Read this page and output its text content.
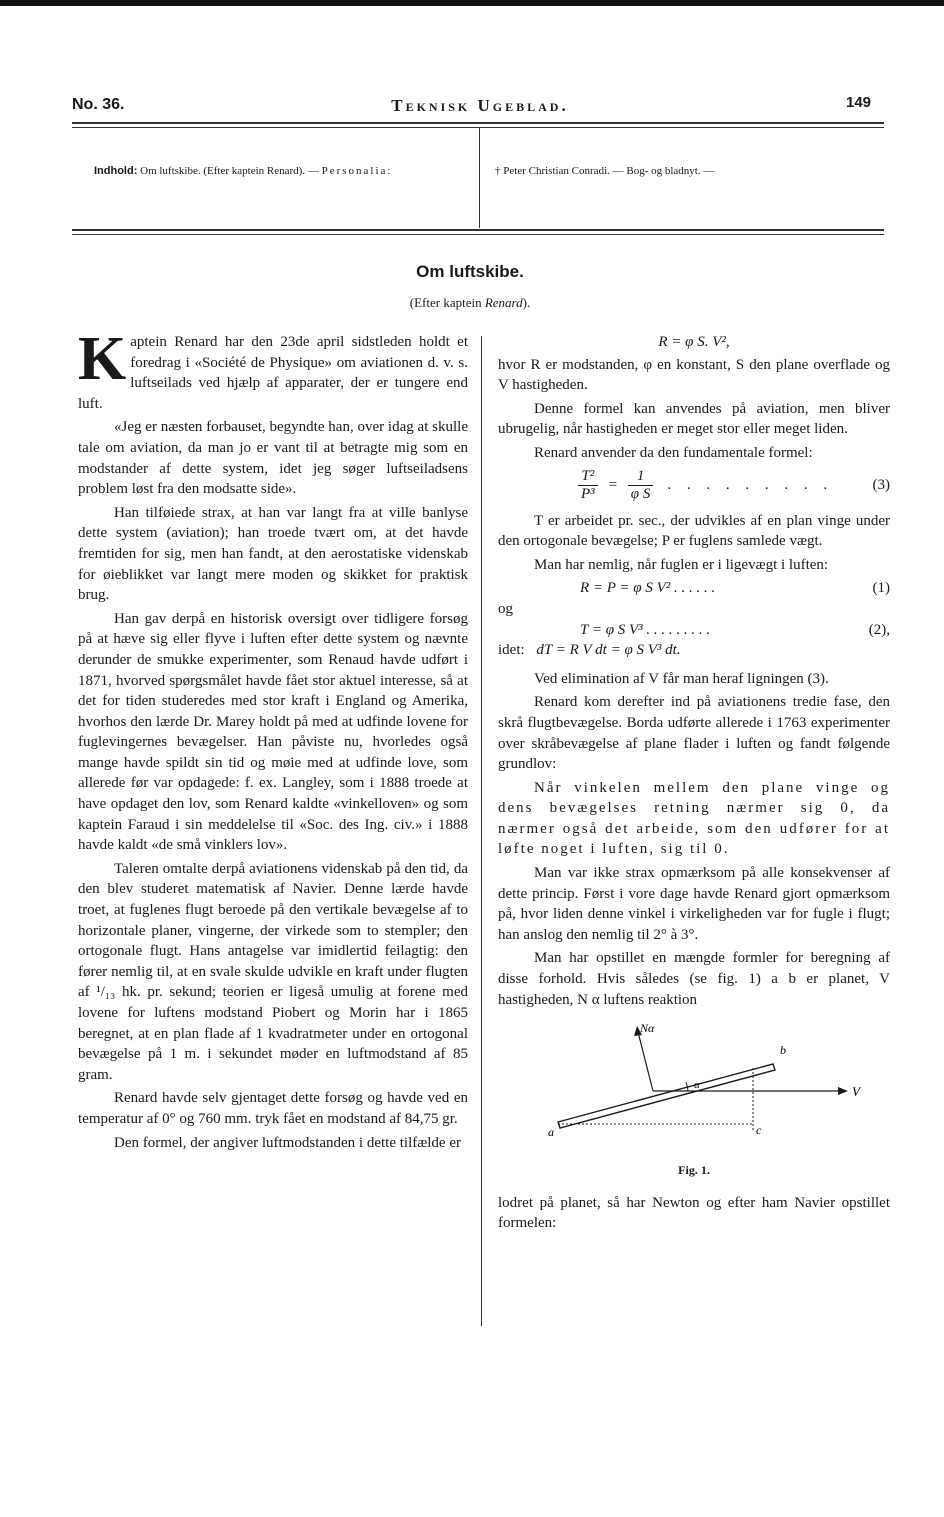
No. 36.	Teknisk Ugeblad.	149
Indhold: Om luftskibe. (Efter kaptein Renard). — Personalia:	† Peter Christian Conradi. — Bog- og bladnyt. —
Om luftskibe.
(Efter kaptein Renard).

K aptein Renard har den 23de april sidstleden holdt et foredrag i «Société de Physique» om aviationen d. v. s. luftseilads ved hjælp af apparater, der er tungere end luft.

«Jeg er næsten forbauset, begyndte han, over idag at skulle tale om aviation, da man jo er vant til at betragte mig som en modstander af dette system, idet jeg søger luftseiladsens problem løst fra den modsatte side».

Han tilføiede strax, at han var langt fra at ville banlyse dette system (aviation); han troede tvært om, at det havde fremtiden for sig, men han fandt, at den aerostatiske videnskab for øieblikket var langt mere moden og skikket for praktisk brug.

Han gav derpå en historisk oversigt over tidligere forsøg på at hæve sig eller flyve i luften efter dette system og nævnte derunder de smukke experimenter, som Renaud havde udført i 1871, hvorved spørgsmålet havde fået stor aktuel interesse, så at det for tiden studeredes med stor kraft i England og Amerika, hvorhos den lærde Dr. Marey holdt på med at udfinde lovene for fuglevingernes bevægelser. Han påviste nu, hvorledes også mange havde spildt sin tid og møie med at udfinde love, som allerede før var opdagede: f. ex. Langley, som i 1888 troede at have opdaget den lov, som Renard kaldte «vinkelloven» og som kaptein Faraud i sin meddelelse til «Soc. des Ing. civ.» i 1888 havde kaldt «de små vinklers lov».

Taleren omtalte derpå aviationens videnskab på den tid, da den blev studeret matematisk af Navier. Denne lærde havde troet, at fuglenes flugt beroede på den vertikale bevægelse af to horizontale planer, vingerne, der virkede som to stempler; den ortogonale flugt. Hans antagelse var imidlertid feilagtig: den fører nemlig til, at en svale skulde udvikle en kraft under flugten af ¹/₁₃ hk. pr. sekund; teorien er ligeså umulig at forene med lovene for luftens modstand Piobert og Morin har i 1865 beregnet, at en plan flade af 1 kvadratmeter under en ortogonal bevægelse på 1 m. i sekundet møder en luftmodstand af 85 gram.

Renard havde selv gjentaget dette forsøg og havde ved en temperatur af 0° og 760 mm. tryk fået en modstand af 84,75 gr.

Den formel, der angiver luftmodstanden i dette tilfælde er

R = φ S. V²,

hvor R er modstanden, φ en konstant, S den plane overflade og V hastigheden.

Denne formel kan anvendes på aviation, men bliver ubrugelig, når hastigheden er meget stor eller meget liden.

Renard anvender da den fundamentale formel:

$\frac{\text{T²}}{\text{P³}} = \frac{1}{\text{φ S}}$ . . . . . . . . .	(3)

T er arbeidet pr. sec., der udvikles af en plan vinge under den ortogonale bevægelse; P er fuglens samlede vægt.

Man har nemlig, når fuglen er i ligevægt i luften:

R = P = φ S V² . . . . . .	(1)
og
T = φ S V³ . . . . . . . . .	(2),
idet: dT = R V dt = φ S V³ dt.

Ved elimination af V får man heraf ligningen (3).

Renard kom derefter ind på aviationens tredie fase, den skrå flugtbevægelse. Borda udførte allerede i 1763 experimenter over skråbevægelse af plane flader i luften og fandt følgende grundlov:

Når vinkelen mellem den plane vinge og dens bevægelses retning nærmer sig 0, da nærmer også det arbeide, som den udfører for at løfte noget i luften, sig til 0.

Man var ikke strax opmærksom på alle konsekvenser af dette princip. Først i vore dage havde Renard gjort opmærksom på, hvor liden denne vinkel i virkeligheden var for fugle i flugt; han anslog den nemlig til 2° à 3°.

Man har opstillet en mængde formler for beregning af disse forhold. Hvis således (se fig. 1) a b er planet, V hastigheden, N α luftens reaktion

Nα
b
V
α
a	c
Fig. 1.

lodret på planet, så har Newton og efter ham Navier opstillet formelen:
